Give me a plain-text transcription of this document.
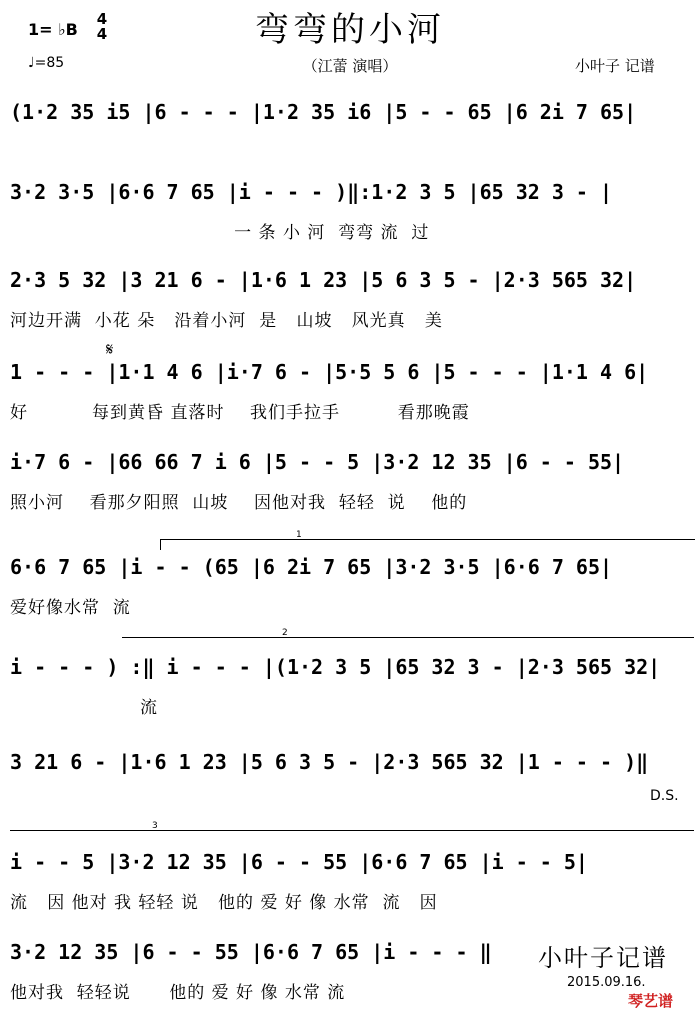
弯弯的小河
（江蕾 演唱）
1= ♭B
4
4
♩=85	小叶子 记谱
(1·2 35 i5 |6 - - - |1·2 35 i6 |5 - - 65 |6 2i 7 65|
3·2 3·5 |6·6 7 65 |i - - - )‖:1·2 3 5 |65 32 3 - |
一 条 小 河  弯弯 流  过
2·3 5 32 |3 21 6 - |1·6 1 23 |5 6 3 5 - |2·3 565 32|
河边开满  小花 朵   沿着小河  是   山坡   风光真   美
𝄋
1 - - - |1·1 4 6 |i·7 6 - |5·5 5 6 |5 - - - |1·1 4 6|
好          每到黄昏 直落时    我们手拉手         看那晚霞
i·7 6 - |66 66 7 i 6 |5 - - 5 |3·2 12 35 |6 - - 55|
照小河    看那夕阳照  山坡    因他对我  轻轻  说    他的
1
6·6 7 65 |i - - (65 |6 2i 7 65 |3·2 3·5 |6·6 7 65|
爱好像水常  流
2
i - - - ) :‖ i - - - |(1·2 3 5 |65 32 3 - |2·3 565 32|
流
3 21 6 - |1·6 1 23 |5 6 3 5 - |2·3 565 32 |1 - - - )‖
D.S.
3
i - - 5 |3·2 12 35 |6 - - 55 |6·6 7 65 |i - - 5|
流   因 他对 我 轻轻 说   他的 爱 好 像 水常  流   因
3·2 12 35 |6 - - 55 |6·6 7 65 |i - - - ‖
他对我  轻轻说      他的 爱 好 像 水常 流
小叶子记谱
2015.09.16.
琴艺谱
